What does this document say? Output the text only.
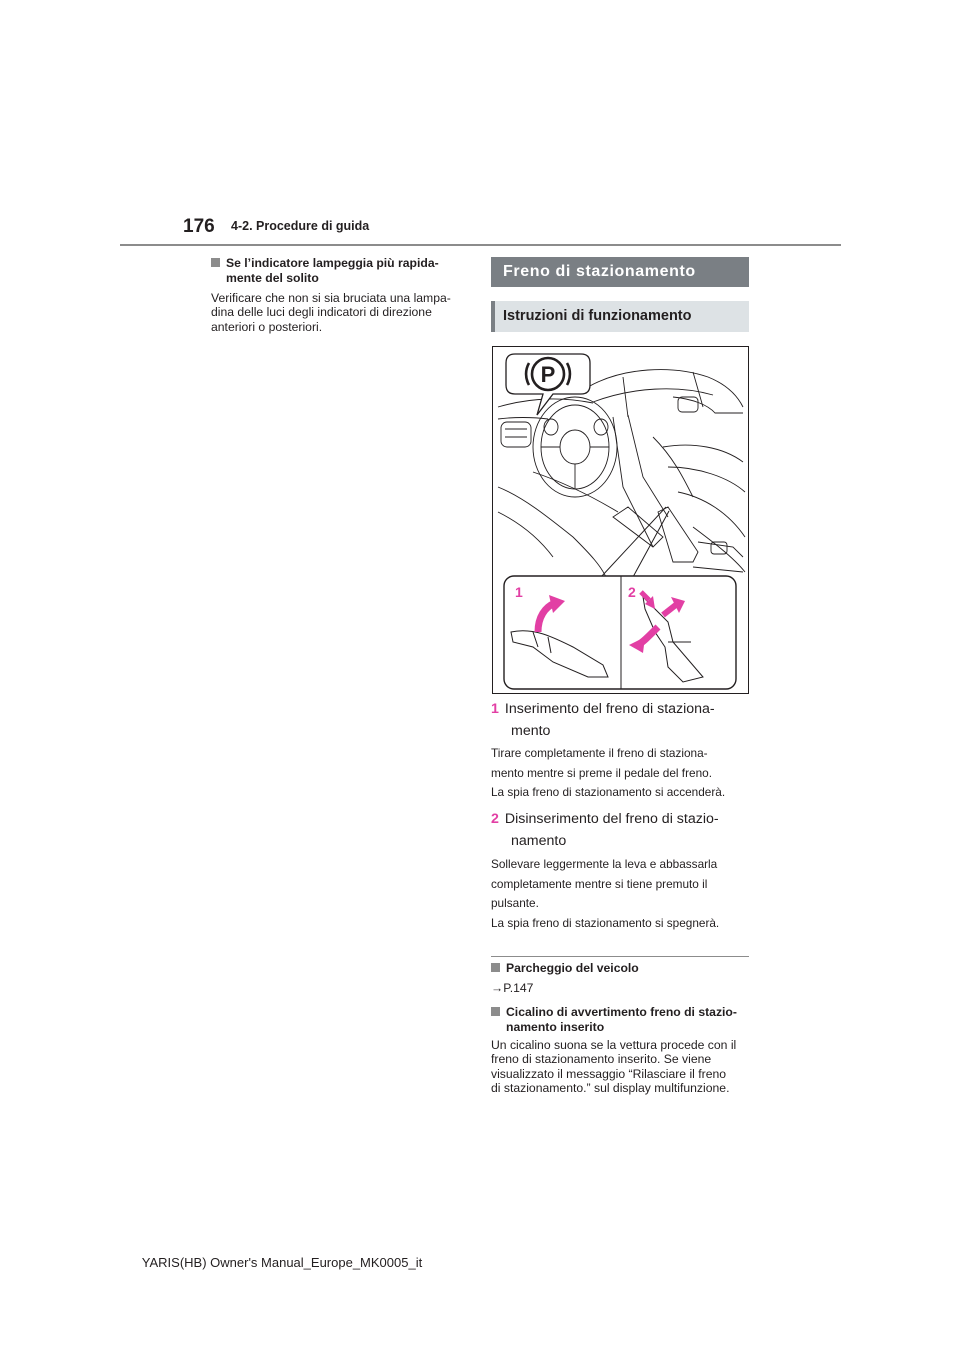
176 4-2. Procedure di guida
Se l’indicatore lampeggia più rapida-
mente del solito
Verificare che non si sia bruciata una lampa-
dina delle luci degli indicatori di direzione
anteriori o posteriori.
Freno di stazionamento
Istruzioni di funzionamento
P
1	2
1 Inserimento del freno di staziona-
mento
Tirare completamente il freno di staziona-
mento mentre si preme il pedale del freno.
La spia freno di stazionamento si accenderà.
2 Disinserimento del freno di stazio-
namento
Sollevare leggermente la leva e abbassarla
completamente mentre si tiene premuto il
pulsante.
La spia freno di stazionamento si spegnerà.
Parcheggio del veicolo
→P.147
Cicalino di avvertimento freno di stazio-
namento inserito
Un cicalino suona se la vettura procede con il
freno di stazionamento inserito. Se viene
visualizzato il messaggio “Rilasciare il freno
di stazionamento.” sul display multifunzione.
YARIS(HB) Owner's Manual_Europe_MK0005_it
